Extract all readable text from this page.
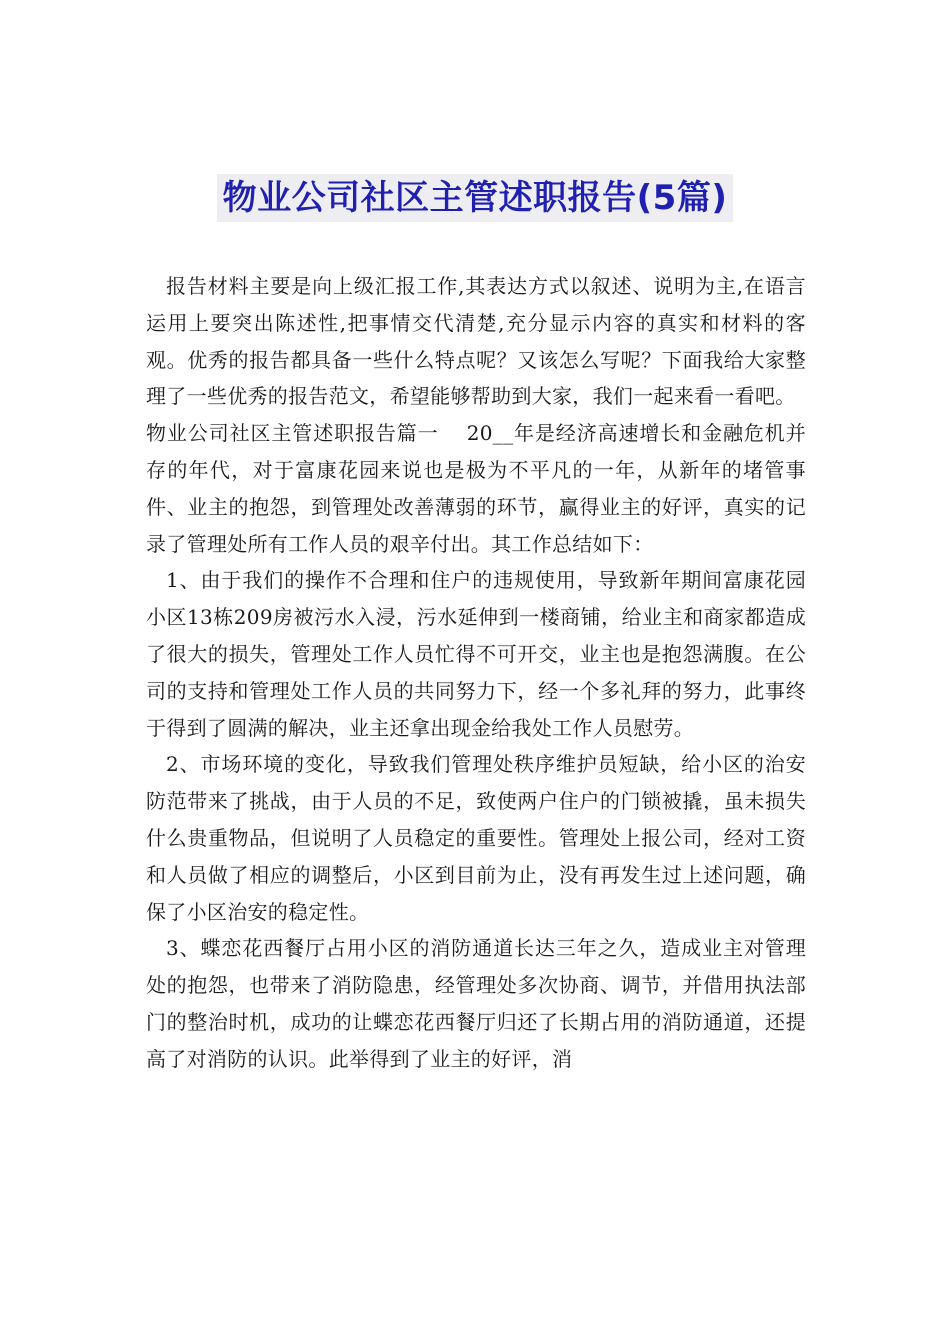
物业公司社区主管述职报告(5篇)

报告材料主要是向上级汇报工作,其表达方式以叙述、说明为主,在语言运用上要突出陈述性,把事情交代清楚,充分显示内容的真实和材料的客观。优秀的报告都具备一些什么特点呢？又该怎么写呢？下面我给大家整理了一些优秀的报告范文，希望能够帮助到大家，我们一起来看一看吧。

物业公司社区主管述职报告篇一　 20__年是经济高速增长和金融危机并存的年代，对于富康花园来说也是极为不平凡的一年，从新年的堵管事件、业主的抱怨，到管理处改善薄弱的环节，赢得业主的好评，真实的记录了管理处所有工作人员的艰辛付出。其工作总结如下：

1、由于我们的操作不合理和住户的违规使用，导致新年期间富康花园小区13栋209房被污水入浸，污水延伸到一楼商铺，给业主和商家都造成了很大的损失，管理处工作人员忙得不可开交，业主也是抱怨满腹。在公司的支持和管理处工作人员的共同努力下，经一个多礼拜的努力，此事终于得到了圆满的解决，业主还拿出现金给我处工作人员慰劳。

2、市场环境的变化，导致我们管理处秩序维护员短缺，给小区的治安防范带来了挑战，由于人员的不足，致使两户住户的门锁被撬，虽未损失什么贵重物品，但说明了人员稳定的重要性。管理处上报公司，经对工资和人员做了相应的调整后，小区到目前为止，没有再发生过上述问题，确保了小区治安的稳定性。

3、蝶恋花西餐厅占用小区的消防通道长达三年之久，造成业主对管理处的抱怨，也带来了消防隐患，经管理处多次协商、调节，并借用执法部门的整治时机，成功的让蝶恋花西餐厅归还了长期占用的消防通道，还提高了对消防的认识。此举得到了业主的好评，消
